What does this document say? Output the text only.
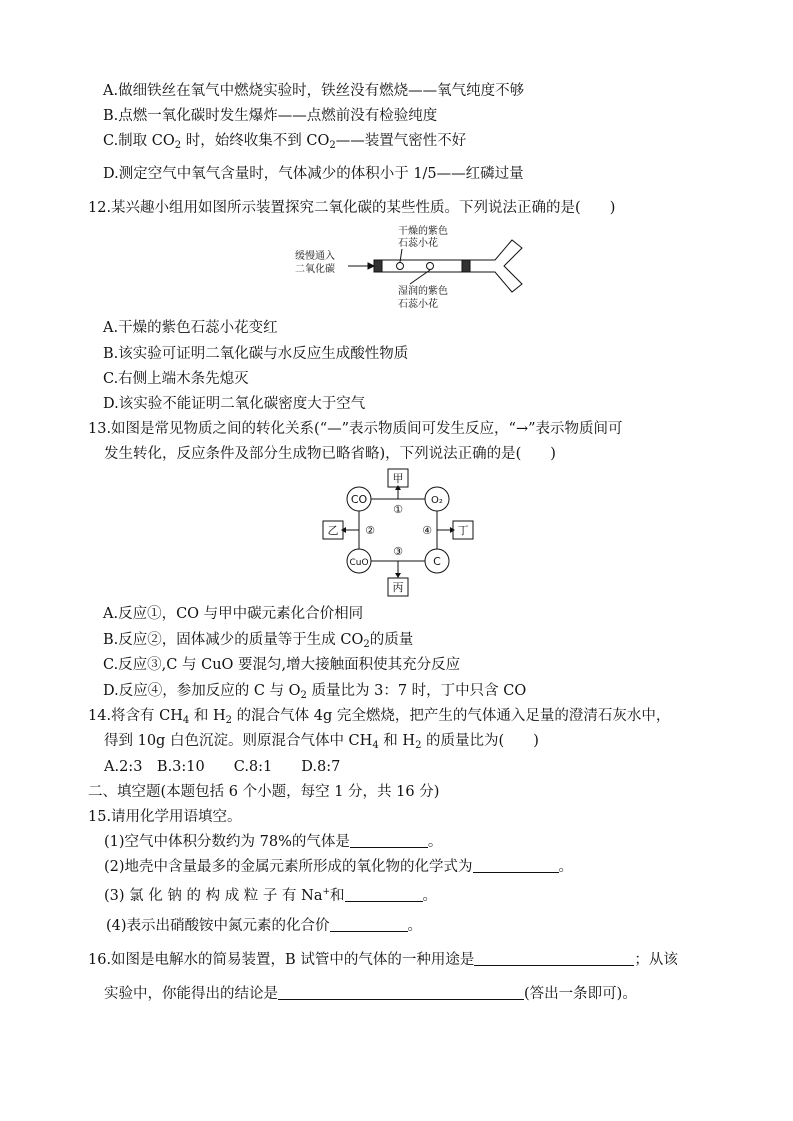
A.做细铁丝在氧气中燃烧实验时，铁丝没有燃烧——氧气纯度不够
B.点燃一氧化碳时发生爆炸——点燃前没有检验纯度
C.制取 $CO_2$ 时，始终收集不到 $CO_2——$装置气密性不好
D.测定空气中氧气含量时，气体减少的体积小于 1/5——红磷过量
12.某兴趣小组用如图所示装置探究二氧化碳的某些性质。下列说法正确的是(　　)
缓慢通入
二氧化碳
干燥的紫色
石蕊小花
湿润的紫色
石蕊小花
A.干燥的紫色石蕊小花变红
B.该实验可证明二氧化碳与水反应生成酸性物质
C.右侧上端木条先熄灭
D.该实验不能证明二氧化碳密度大于空气
13.如图是常见物质之间的转化关系(“—”表示物质间可发生反应，“→”表示物质间可
发生转化，反应条件及部分生成物已略省略)，下列说法正确的是(　　)
甲
乙	丁
丙
CO	O₂
CuO	C
①
②
③
④
A.反应①，CO 与甲中碳元素化合价相同
B.反应②，固体减少的质量等于生成 $CO_2$的质量
C.反应③,C 与 CuO 要混匀,增大接触面积使其充分反应
D.反应④，参加反应的 C 与 $O_2$ 质量比为 3：7 时，丁中只含 CO
14.将含有 $CH_4$ 和 $H_2$ 的混合气体 4g 完全燃烧，把产生的气体通入足量的澄清石灰水中，
得到 10g 白色沉淀。则原混合气体中 $CH_4$ 和 $H_2$ 的质量比为(　　)
A.2:3　B.3:10　　C.8:1　　D.8:7
二、填空题(本题包括 6 个小题，每空 1 分，共 16 分)
15.请用化学用语填空。
(1)空气中体积分数约为 78%的气体是	。
(2)地壳中含量最多的金属元素所形成的氧化物的化学式为	。
(3) 氯 化 钠 的 构 成 粒 子 有 Na+和	。
(4)表示出硝酸铵中氮元素的化合价	。
16.如图是电解水的简易装置，B 试管中的气体的一种用途是	；从该
实验中，你能得出的结论是	(答出一条即可)。
